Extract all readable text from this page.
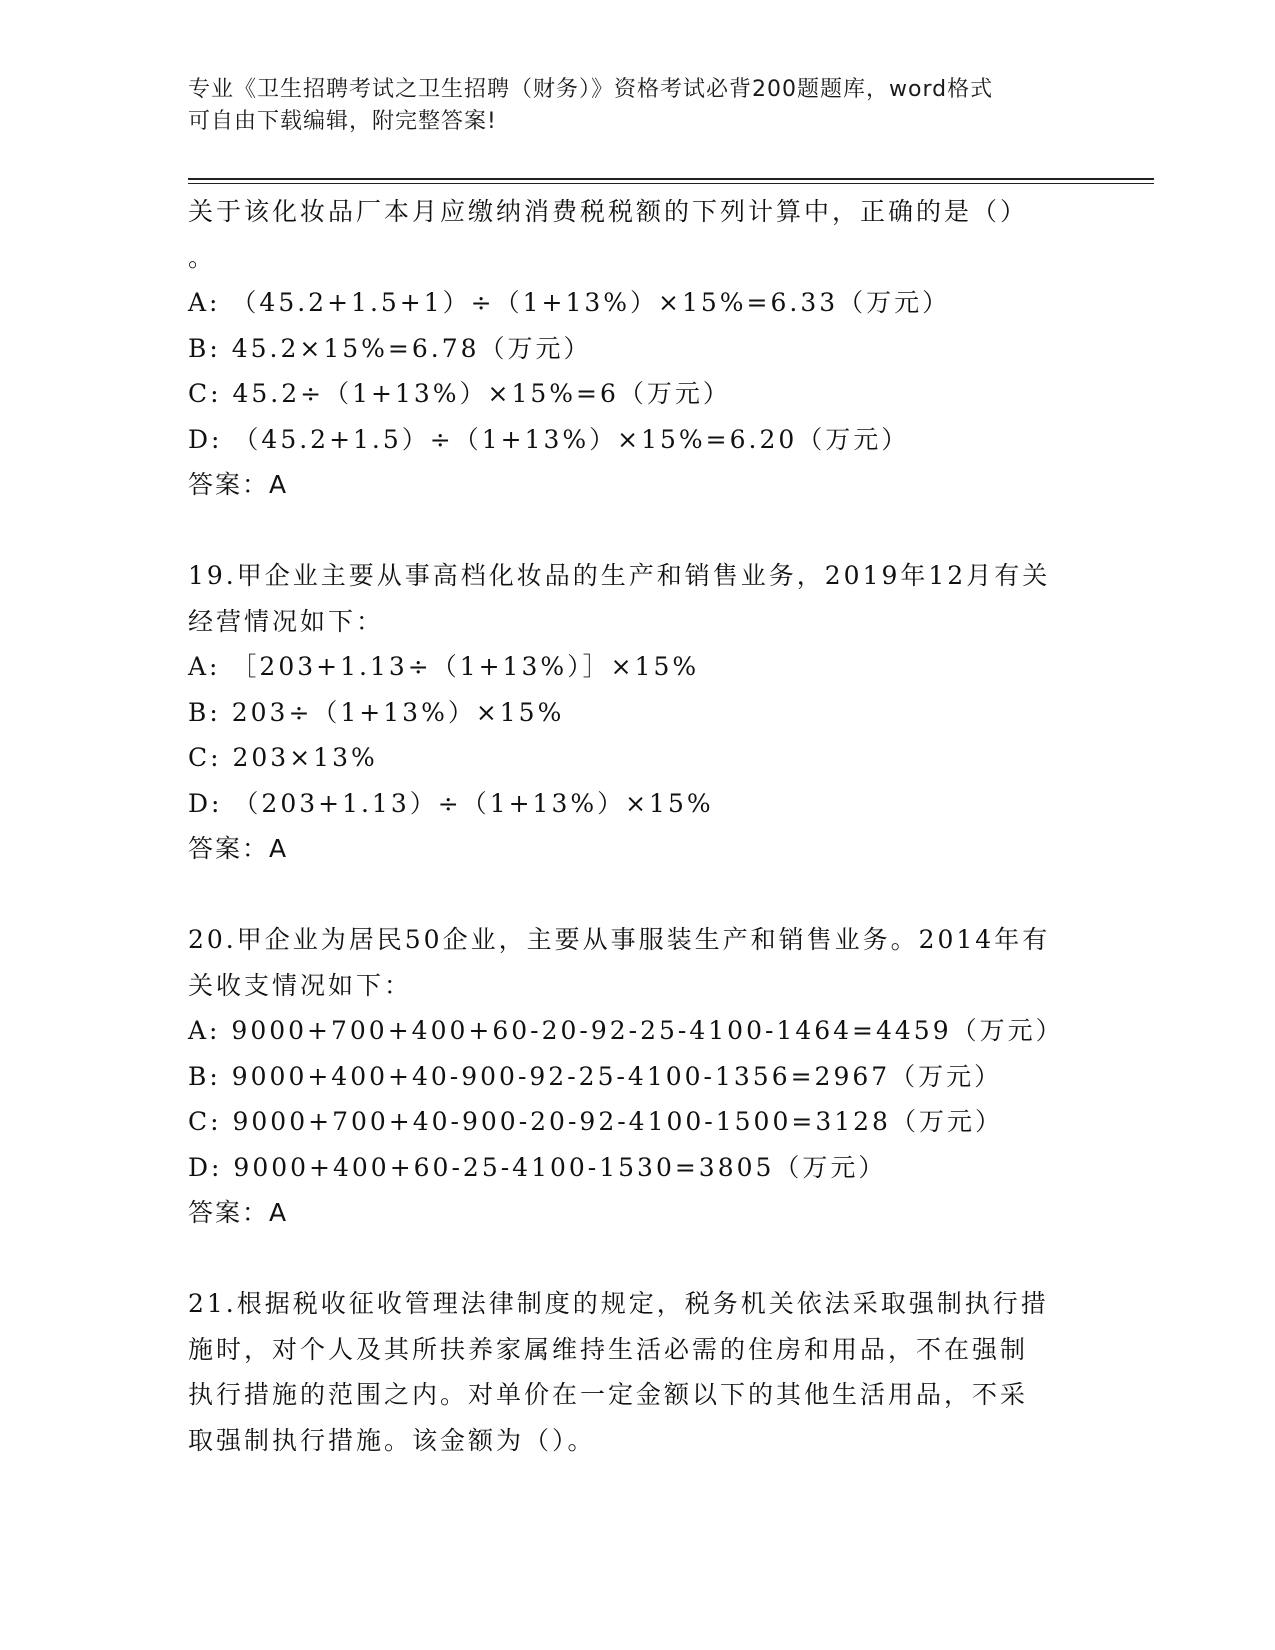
专业《卫生招聘考试之卫生招聘（财务）》资格考试必背200题题库，word格式
可自由下载编辑，附完整答案!
关于该化妆品厂本月应缴纳消费税税额的下列计算中，正确的是（）
。
A: （45.2+1.5+1）÷（1+13%）×15%=6.33（万元）
B: 45.2×15%=6.78（万元）
C: 45.2÷（1+13%）×15%=6（万元）
D: （45.2+1.5）÷（1+13%）×15%=6.20（万元）
答案：A
19.甲企业主要从事高档化妆品的生产和销售业务，2019年12月有关
经营情况如下：
A: ［203+1.13÷（1+13%）］×15%
B: 203÷（1+13%）×15%
C: 203×13%
D: （203+1.13）÷（1+13%）×15%
答案：A
20.甲企业为居民50企业，主要从事服装生产和销售业务。2014年有
关收支情况如下：
A: 9000+700+400+60-20-92-25-4100-1464=4459（万元）
B: 9000+400+40-900-92-25-4100-1356=2967（万元）
C: 9000+700+40-900-20-92-4100-1500=3128（万元）
D: 9000+400+60-25-4100-1530=3805（万元）
答案：A
21.根据税收征收管理法律制度的规定，税务机关依法采取强制执行措
施时，对个人及其所扶养家属维持生活必需的住房和用品，不在强制
执行措施的范围之内。对单价在一定金额以下的其他生活用品，不采
取强制执行措施。该金额为（）。
